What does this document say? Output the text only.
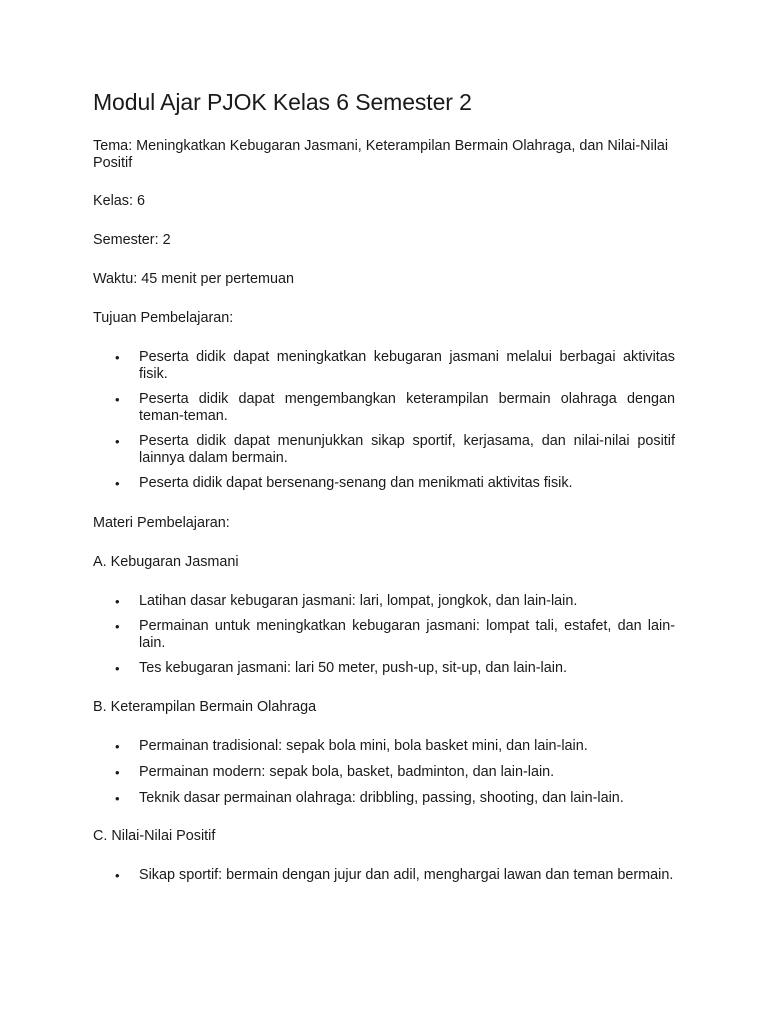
Modul Ajar PJOK Kelas 6 Semester 2

Tema: Meningkatkan Kebugaran Jasmani, Keterampilan Bermain Olahraga, dan Nilai-Nilai Positif

Kelas: 6

Semester: 2

Waktu: 45 menit per pertemuan

Tujuan Pembelajaran:

• Peserta didik dapat meningkatkan kebugaran jasmani melalui berbagai aktivitas fisik.
• Peserta didik dapat mengembangkan keterampilan bermain olahraga dengan teman-teman.
• Peserta didik dapat menunjukkan sikap sportif, kerjasama, dan nilai-nilai positif lainnya dalam bermain.
• Peserta didik dapat bersenang-senang dan menikmati aktivitas fisik.

Materi Pembelajaran:

A. Kebugaran Jasmani

• Latihan dasar kebugaran jasmani: lari, lompat, jongkok, dan lain-lain.
• Permainan untuk meningkatkan kebugaran jasmani: lompat tali, estafet, dan lain-lain.
• Tes kebugaran jasmani: lari 50 meter, push-up, sit-up, dan lain-lain.

B. Keterampilan Bermain Olahraga

• Permainan tradisional: sepak bola mini, bola basket mini, dan lain-lain.
• Permainan modern: sepak bola, basket, badminton, dan lain-lain.
• Teknik dasar permainan olahraga: dribbling, passing, shooting, dan lain-lain.

C. Nilai-Nilai Positif

• Sikap sportif: bermain dengan jujur dan adil, menghargai lawan dan teman bermain.
